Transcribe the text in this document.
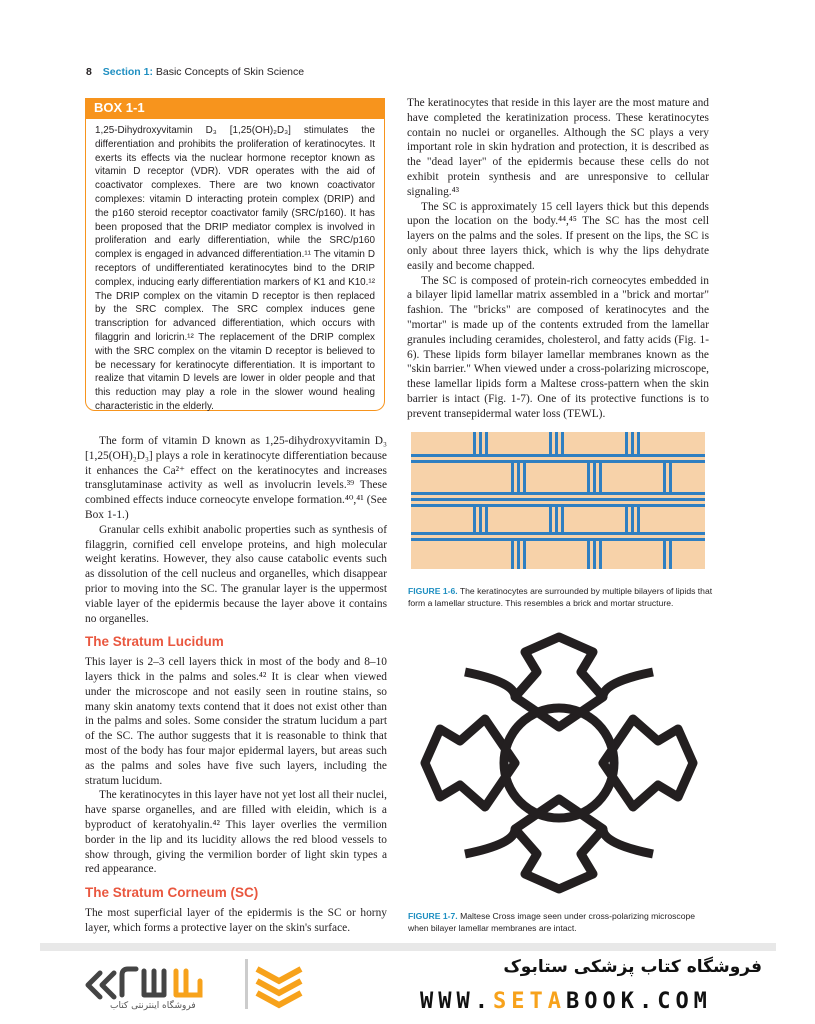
8 Section 1: Basic Concepts of Skin Science
BOX 1-1
1,25-Dihydroxyvitamin D₃ [1,25(OH)₂D₃] stimulates the differentiation and prohibits the proliferation of keratinocytes. It exerts its effects via the nuclear hormone receptor known as vitamin D receptor (VDR). VDR operates with the aid of coactivator complexes. There are two known coactivator complexes: vitamin D interacting protein complex (DRIP) and the p160 steroid receptor coactivator family (SRC/p160). It has been proposed that the DRIP mediator complex is involved in proliferation and early differentiation, while the SRC/p160 complex is engaged in advanced differentiation.¹¹ The vitamin D receptors of undifferentiated keratinocytes bind to the DRIP complex, inducing early differentiation markers of K1 and K10.¹² The DRIP complex on the vitamin D receptor is then replaced by the SRC complex. The SRC complex induces gene transcription for advanced differentiation, which occurs with filaggrin and loricrin.¹² The replacement of the DRIP complex with the SRC complex on the vitamin D receptor is believed to be necessary for keratinocyte differentiation. It is important to realize that vitamin D levels are lower in older people and that this reduction may play a role in the slower wound healing characteristic in the elderly.

The form of vitamin D known as 1,25-dihydroxyvitamin D₃ [1,25(OH)₂D₃] plays a role in keratinocyte differentiation because it enhances the Ca²⁺ effect on the keratinocytes and increases transglutaminase activity as well as involucrin levels.³⁹ These combined effects induce corneocyte envelope formation.⁴⁰,⁴¹ (See Box 1-1.)

Granular cells exhibit anabolic properties such as synthesis of filaggrin, cornified cell envelope proteins, and high molecular weight keratins. However, they also cause catabolic events such as dissolution of the cell nucleus and organelles, which disappear prior to moving into the SC. The granular layer is the uppermost viable layer of the epidermis because the layer above it contains no organelles.

The Stratum Lucidum

This layer is 2–3 cell layers thick in most of the body and 8–10 layers thick in the palms and soles.⁴² It is clear when viewed under the microscope and not easily seen in routine stains, so many skin anatomy texts contend that it does not exist other than in the palms and soles. Some consider the stratum lucidum a part of the SC. The author suggests that it is reasonable to think that most of the body has four major epidermal layers, but areas such as the palms and soles have five such layers, including the stratum lucidum.

The keratinocytes in this layer have not yet lost all their nuclei, have sparse organelles, and are filled with eleidin, which is a byproduct of keratohyalin.⁴² This layer overlies the vermilion border in the lip and its lucidity allows the red blood vessels to show through, giving the vermilion border of light skin types a red appearance.

The Stratum Corneum (SC)

The most superficial layer of the epidermis is the SC or horny layer, which forms a protective layer on the skin's surface.

The keratinocytes that reside in this layer are the most mature and have completed the keratinization process. These keratinocytes contain no nuclei or organelles. Although the SC plays a very important role in skin hydration and protection, it is described as the "dead layer" of the epidermis because these cells do not exhibit protein synthesis and are unresponsive to cellular signaling.⁴³

The SC is approximately 15 cell layers thick but this depends upon the location on the body.⁴⁴,⁴⁵ The SC has the most cell layers on the palms and the soles. If present on the lips, the SC is only about three layers thick, which is why the lips dehydrate easily and become chapped.

The SC is composed of protein-rich corneocytes embedded in a bilayer lipid lamellar matrix assembled in a "brick and mortar" fashion. The "bricks" are composed of keratinocytes and the "mortar" is made up of the contents extruded from the lamellar granules including ceramides, cholesterol, and fatty acids (Fig. 1-6). These lipids form bilayer lamellar membranes known as the "skin barrier." When viewed under a cross-polarizing microscope, these lamellar lipids form a Maltese cross-pattern when the skin barrier is intact (Fig. 1-7). One of its protective functions is to prevent transepidermal water loss (TEWL).

FIGURE 1-6. The keratinocytes are surrounded by multiple bilayers of lipids that form a lamellar structure. This resembles a brick and mortar structure.
FIGURE 1-7. Maltese Cross image seen under cross-polarizing microscope when bilayer lamellar membranes are intact.
فروشگاه اینترنتی کتاب
فروشگاه کتاب پزشکی ستابوک
WWW.SETABOOK.COM
